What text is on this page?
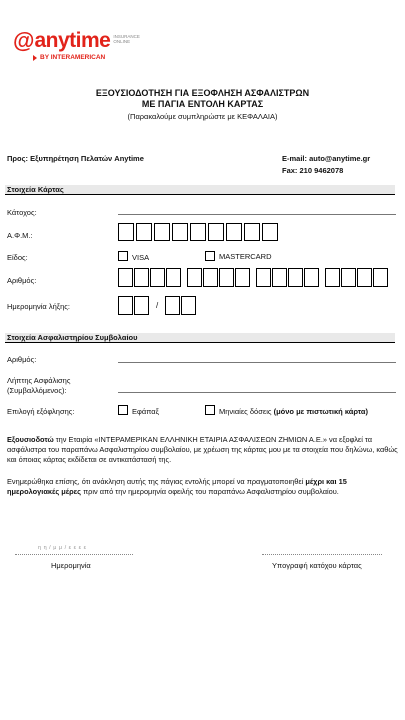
@ anytime INSURANCE
ONLINE
BY INTERAMERICAN
ΕΞΟΥΣΙΟΔΟΤΗΣΗ ΓΙΑ ΕΞΟΦΛΗΣΗ ΑΣΦΑΛΙΣΤΡΩΝ
ΜΕ ΠΑΓΙΑ ΕΝΤΟΛΗ ΚΑΡΤΑΣ
(Παρακαλούμε συμπληρώστε με ΚΕΦΑΛΑΙΑ)
Προς: Εξυπηρέτηση Πελατών Anytime	E-mail: auto@anytime.gr
Fax: 210 9462078
Στοιχεία Κάρτας
Κάτοχος:
Α.Φ.Μ.:
Είδος:	VISA	MASTERCARD
Αριθμός:
Ημερομηνία λήξης:	/
Στοιχεία Ασφαλιστηρίου Συμβολαίου
Αριθμός:
Λήπτης Ασφάλισης
(Συμβαλλόμενος):
Επιλογή εξόφλησης:	Εφάπαξ	Μηνιαίες δόσεις (μόνο με πιστωτική κάρτα)
Εξουσιοδοτώ την Εταιρία «ΙΝΤΕΡΑΜΕΡΙΚΑΝ ΕΛΛΗΝΙΚΗ ΕΤΑΙΡΙΑ ΑΣΦΑΛΙΣΕΩΝ ΖΗΜΙΩΝ Α.Ε.» να εξοφλεί τα ασφάλιστρα του παραπάνω Ασφαλιστηρίου συμβολαίου, με χρέωση της κάρτας μου με τα στοιχεία που δηλώνω, καθώς και όποιας κάρτας εκδίδεται σε αντικατάστασή της.
Ενημερώθηκα επίσης, ότι ανάκληση αυτής της πάγιας εντολής μπορεί να πραγματοποιηθεί μέχρι και 15 ημερολογιακές μέρες πριν από την ημερομηνία οφειλής του παραπάνω Ασφαλιστηρίου συμβολαίου.
η η / μ μ / ε ε ε ε
Ημερομηνία	Υπογραφή κατόχου κάρτας
